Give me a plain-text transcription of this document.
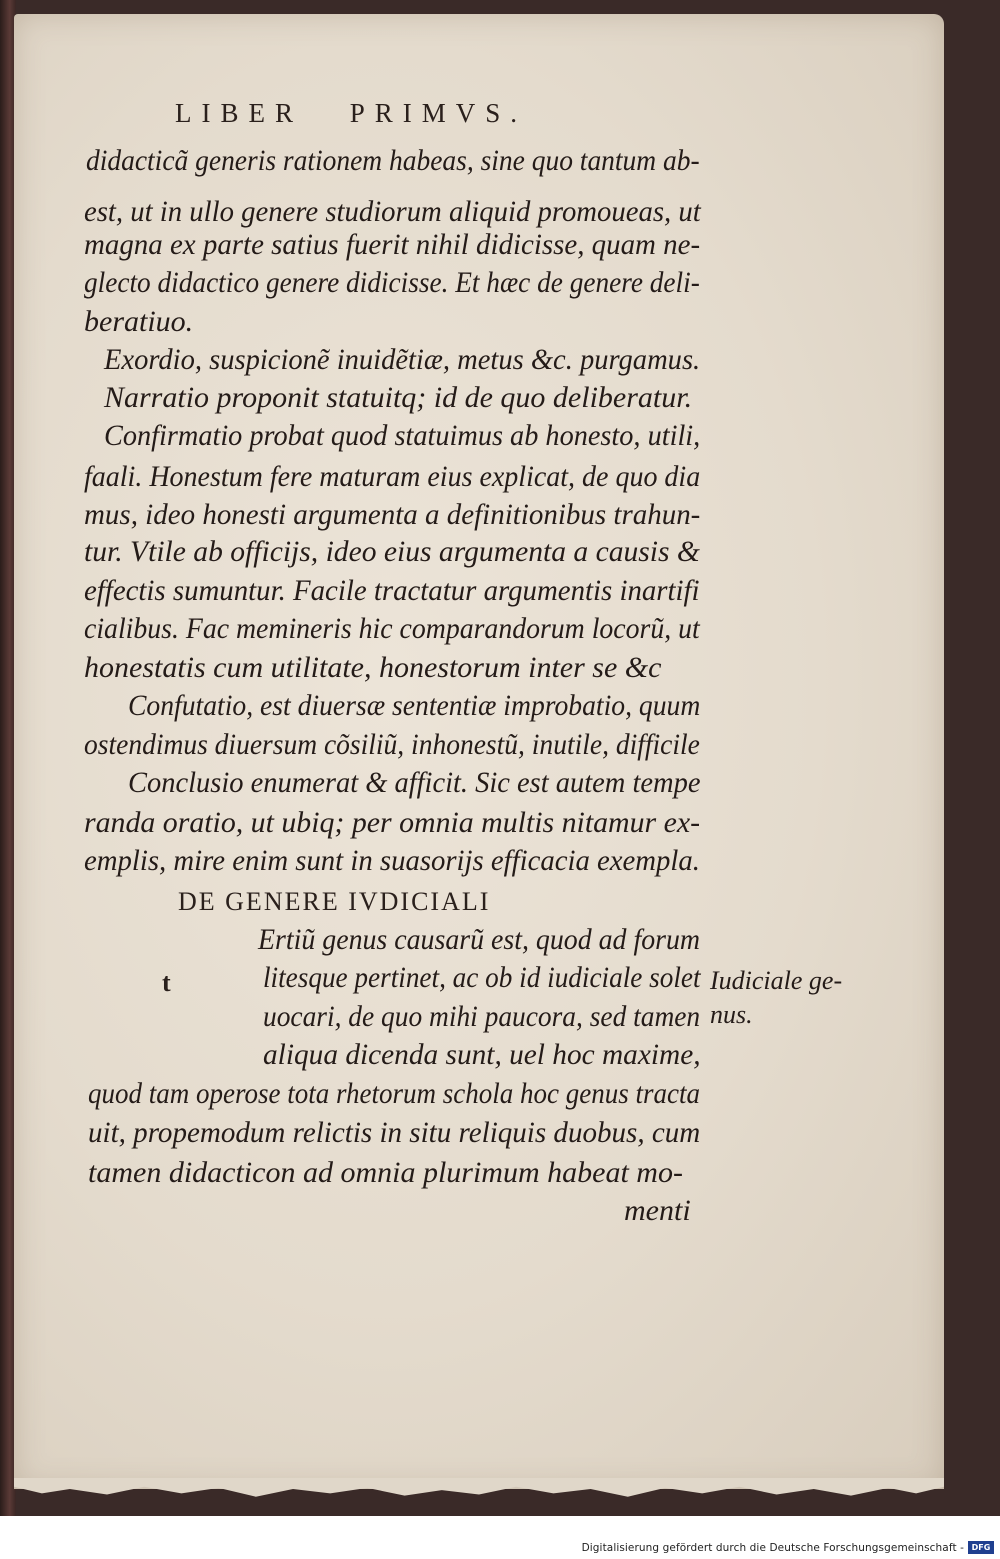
LIBER PRIMVS.
didacticã generis rationem habeas, sine quo tantum ab-
est, ut in ullo genere studiorum aliquid promoueas, ut
magna ex parte satius fuerit nihil didicisse, quam ne-
glecto didactico genere didicisse. Et hæc de genere deli-
beratiuo.
Exordio, suspicionẽ inuidẽtiæ, metus &c. purgamus.
Narratio proponit statuitq; id de quo deliberatur.
Confirmatio probat quod statuimus ab honesto, utili,
faali. Honestum fere maturam eius explicat, de quo dia
mus, ideo honesti argumenta a definitionibus trahun-
tur. Vtile ab officijs, ideo eius argumenta a causis &
effectis sumuntur. Facile tractatur argumentis inartifi
cialibus. Fac memineris hic comparandorum locorũ, ut
honestatis cum utilitate, honestorum inter se &c
Confutatio, est diuersæ sententiæ improbatio, quum
ostendimus diuersum cõsiliũ, inhonestũ, inutile, difficile
Conclusio enumerat & afficit. Sic est autem tempe
randa oratio, ut ubiq; per omnia multis nitamur ex-
emplis, mire enim sunt in suasorijs efficacia exempla.
DE GENERE IVDICIALI
t
Ertiũ genus causarũ est, quod ad forum
litesque pertinet, ac ob id iudiciale solet
uocari, de quo mihi paucora, sed tamen
aliqua dicenda sunt, uel hoc maxime,
quod tam operose tota rhetorum schola hoc genus tracta
uit, propemodum relictis in situ reliquis duobus, cum
tamen didacticon ad omnia plurimum habeat mo-
menti
Iudiciale ge-
nus.
Digitalisierung gefördert durch die Deutsche Forschungsgemeinschaft - DFG
